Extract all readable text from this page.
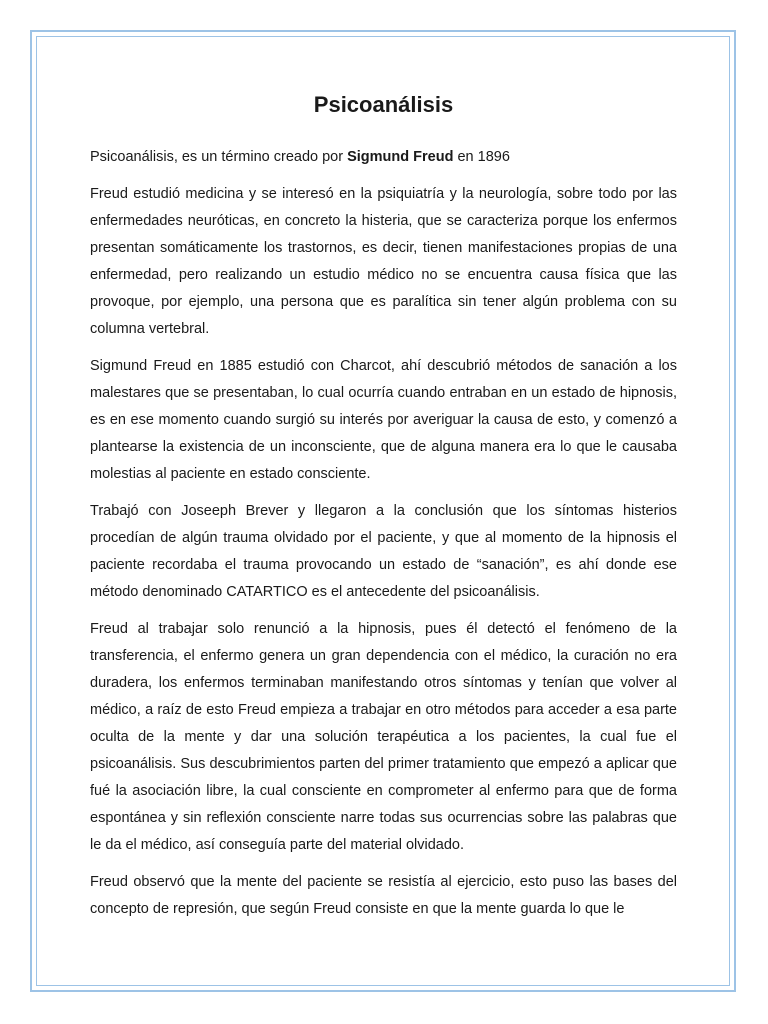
Psicoanálisis

Psicoanálisis, es un término creado por Sigmund Freud en 1896

Freud estudió medicina y se interesó en la psiquiatría y la neurología, sobre todo por las enfermedades neuróticas, en concreto la histeria, que se caracteriza porque los enfermos presentan somáticamente los trastornos, es decir, tienen manifestaciones propias de una enfermedad, pero realizando un estudio médico no se encuentra causa física que las provoque, por ejemplo, una persona que es paralítica sin tener algún problema con su columna vertebral.

Sigmund Freud en 1885 estudió con Charcot, ahí descubrió métodos de sanación a los malestares que se presentaban, lo cual ocurría cuando entraban en un estado de hipnosis, es en ese momento cuando surgió su interés por averiguar la causa de esto, y comenzó a plantearse la existencia de un inconsciente, que de alguna manera era lo que le causaba molestias al paciente en estado consciente.

Trabajó con Joseeph Brever y llegaron a la conclusión que los síntomas histerios procedían de algún trauma olvidado por el paciente, y que al momento de la hipnosis el paciente recordaba el trauma provocando un estado de “sanación”, es ahí donde ese método denominado CATARTICO es el antecedente del psicoanálisis.

Freud al trabajar solo renunció a la hipnosis, pues él detectó el fenómeno de la transferencia, el enfermo genera un gran dependencia con el médico, la curación no era duradera, los enfermos terminaban manifestando otros síntomas y tenían que volver al médico, a raíz de esto Freud empieza a trabajar en otro métodos para acceder a esa parte oculta de la mente y dar una solución terapéutica a los pacientes, la cual fue el psicoanálisis. Sus descubrimientos parten del primer tratamiento que empezó a aplicar que fué la asociación libre, la cual consciente en comprometer al enfermo para que de forma espontánea y sin reflexión consciente narre todas sus ocurrencias sobre las palabras que le da el médico, así conseguía parte del material olvidado.

Freud observó que la mente del paciente se resistía al ejercicio, esto puso las bases del concepto de represión, que según Freud consiste en que la mente guarda lo que le
